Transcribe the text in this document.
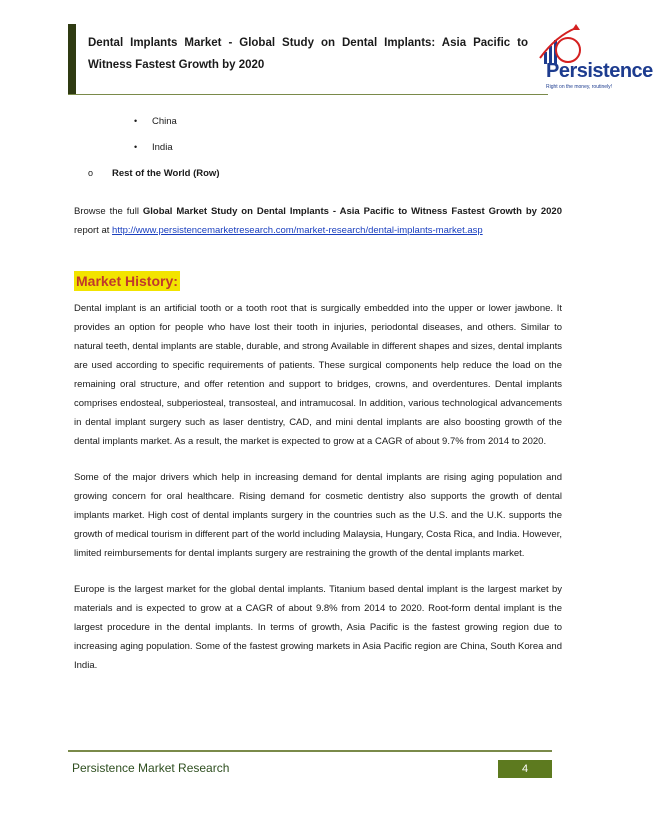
Dental Implants Market - Global Study on Dental Implants: Asia Pacific to Witness Fastest Growth by 2020	Persistence
Right on the money, routinely!
• China
• India
o Rest of the World (Row)

Browse the full Global Market Study on Dental Implants - Asia Pacific to Witness Fastest Growth by 2020 report at http://www.persistencemarketresearch.com/market-research/dental-implants-market.asp

Market History:

Dental implant is an artificial tooth or a tooth root that is surgically embedded into the upper or lower jawbone. It provides an option for people who have lost their tooth in injuries, periodontal diseases, and others. Similar to natural teeth, dental implants are stable, durable, and strong Available in different shapes and sizes, dental implants are used according to specific requirements of patients. These surgical components help reduce the load on the remaining oral structure, and offer retention and support to bridges, crowns, and overdentures. Dental implants comprises endosteal, subperiosteal, transosteal, and intramucosal. In addition, various technological advancements in dental implant surgery such as laser dentistry, CAD, and mini dental implants are also boosting growth of the dental implants market. As a result, the market is expected to grow at a CAGR of about 9.7% from 2014 to 2020.

Some of the major drivers which help in increasing demand for dental implants are rising aging population and growing concern for oral healthcare. Rising demand for cosmetic dentistry also supports the growth of dental implants market. High cost of dental implants surgery in the countries such as the U.S. and the U.K. supports the growth of medical tourism in different part of the world including Malaysia, Hungary, Costa Rica, and India. However, limited reimbursements for dental implants surgery are restraining the growth of the dental implants market.

Europe is the largest market for the global dental implants. Titanium based dental implant is the largest market by materials and is expected to grow at a CAGR of about 9.8% from 2014 to 2020. Root-form dental implant is the largest procedure in the dental implants. In terms of growth, Asia Pacific is the fastest growing region due to increasing aging population. Some of the fastest growing markets in Asia Pacific region are China, South Korea and India.

Persistence Market Research	4
